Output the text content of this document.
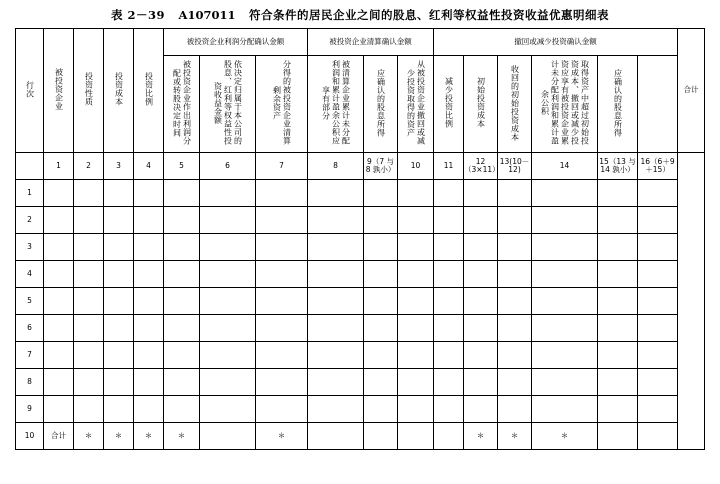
表 2－39 A107011 符合条件的居民企业之间的股息、红利等权益性投资收益优惠明细表
行次	被投资企业	投资性质	投资成本	投资比例	被投资企业利润分配确认金额			被投资企业清算确认金额			撤回或减少投资确认金额						合计
					被投资企业作出利润分配或转股决定时间	依决定归属于本公司的股息、红利等权益性投资收益金额	分得的被投资企业清算剩余资产	被清算企业累计未分配利润和累计盈余公积应享有部分	应确认的股息所得	从被投资企业撤回或减少投资取得的资产	减少投资比例	初始投资成本	收回的初始投资成本	取得资产中超过初始投资成本、撤回或减少投资应享有被投资企业累计未分配利润和累计盈余公积	应确认的股息所得		
	1	2	3	4	5	6	7	8	9（7 与 8 孰小）	10	11	12（3×11）	13(10－12)	14	15（13 与 14 孰小）	16（6＋9＋15）	
1																	
2																	
3																	
4																	
5																	
6																	
7																	
8																	
9																	
10	合计	＊	＊	＊	＊		＊					＊	＊	＊			
